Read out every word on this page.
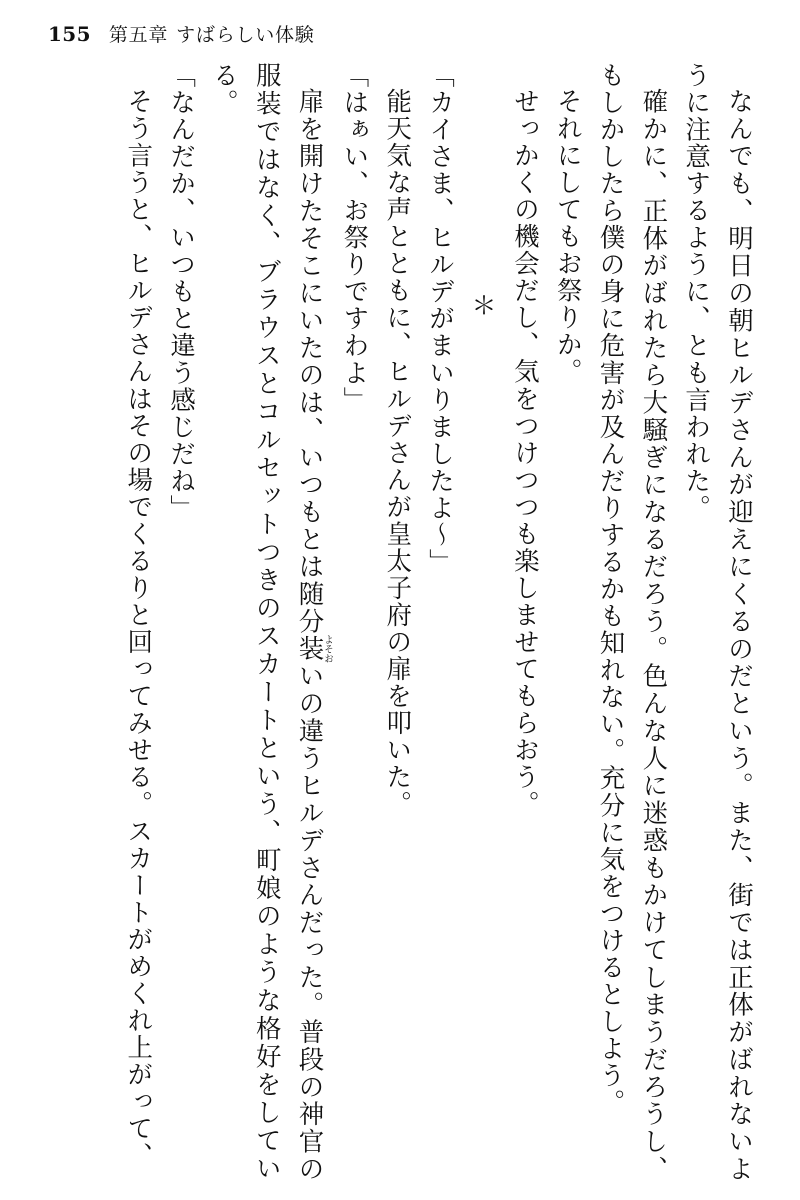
155 第五章 すばらしい体験

なんでも、明日の朝ヒルデさんが迎えにくるのだという。また、街では正体がばれないように注意するように、とも言われた。

確かに、正体がばれたら大騒ぎになるだろう。色んな人に迷惑もかけてしまうだろうし、もしかしたら僕の身に危害が及んだりするかも知れない。充分に気をつけるとしよう。

それにしてもお祭りか。

せっかくの機会だし、気をつけつつも楽しませてもらおう。

＊

「カイさま、ヒルデがまいりましたよ～」

能天気な声とともに、ヒルデさんが皇太子府の扉を叩いた。

「はぁい、お祭りですわよ」

扉を開けたそこにいたのは、いつもとは随分装よそおいの違うヒルデさんだった。普段の神官の服装ではなく、ブラウスとコルセットつきのスカートという、町娘のような格好をしている。

「なんだか、いつもと違う感じだね」

そう言うと、ヒルデさんはその場でくるりと回ってみせる。スカートがめくれ上がって、
